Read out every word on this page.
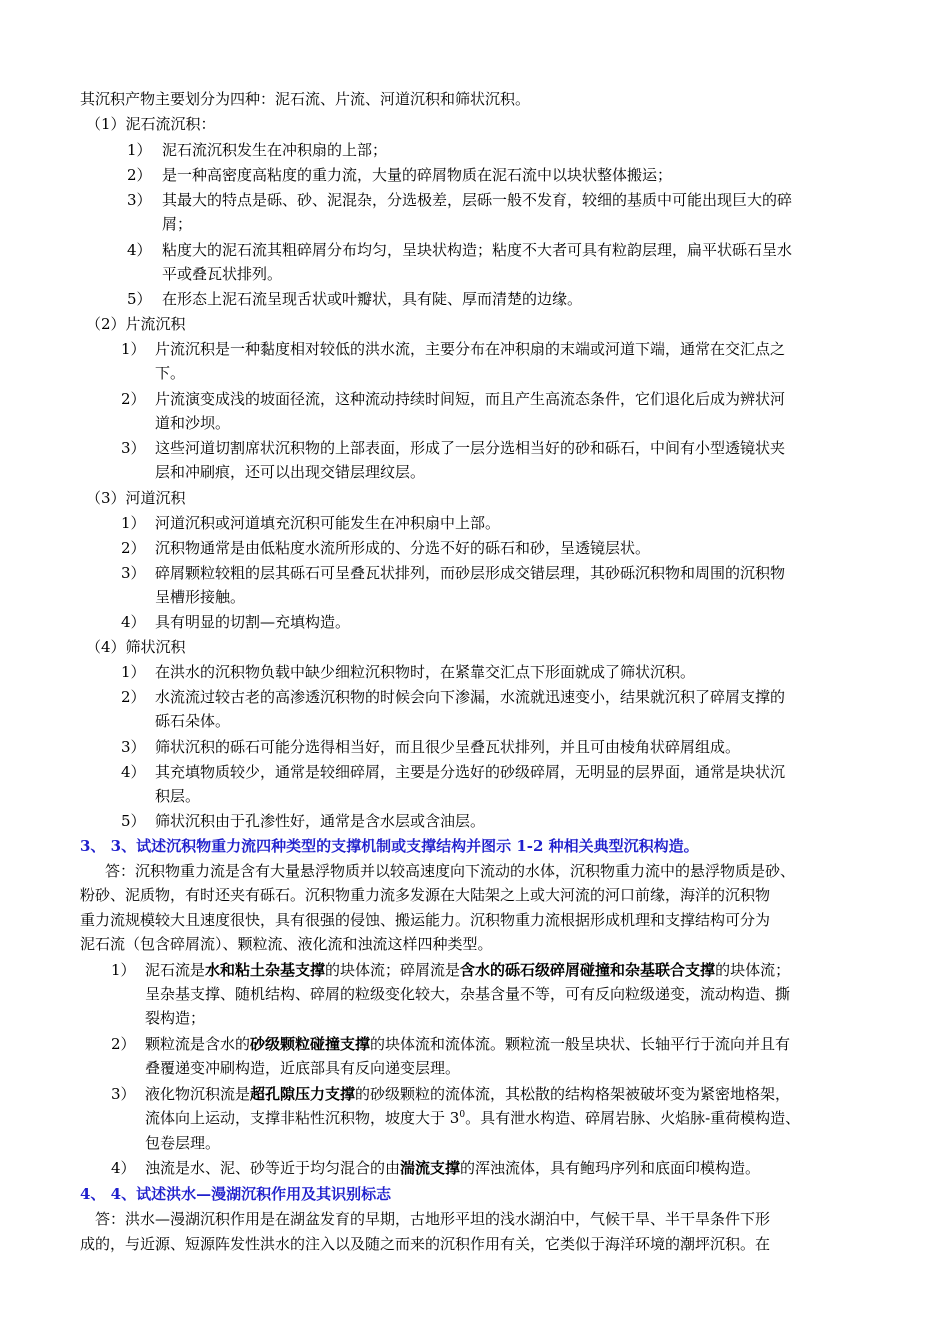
其沉积产物主要划分为四种：泥石流、片流、河道沉积和筛状沉积。
（1）泥石流沉积：
1） 泥石流沉积发生在冲积扇的上部；
2） 是一种高密度高粘度的重力流，大量的碎屑物质在泥石流中以块状整体搬运；
3） 其最大的特点是砾、砂、泥混杂，分选极差，层砾一般不发育，较细的基质中可能出现巨大的碎
屑；
4） 粘度大的泥石流其粗碎屑分布均匀，呈块状构造；粘度不大者可具有粒韵层理，扁平状砾石呈水
平或叠瓦状排列。
5） 在形态上泥石流呈现舌状或叶瓣状，具有陡、厚而清楚的边缘。
（2）片流沉积
1） 片流沉积是一种黏度相对较低的洪水流，主要分布在冲积扇的末端或河道下端，通常在交汇点之
下。
2） 片流演变成浅的坡面径流，这种流动持续时间短，而且产生高流态条件，它们退化后成为辨状河
道和沙坝。
3） 这些河道切割席状沉积物的上部表面，形成了一层分选相当好的砂和砾石，中间有小型透镜状夹
层和冲刷痕，还可以出现交错层理纹层。
（3）河道沉积
1） 河道沉积或河道填充沉积可能发生在冲积扇中上部。
2） 沉积物通常是由低粘度水流所形成的、分选不好的砾石和砂，呈透镜层状。
3） 碎屑颗粒较粗的层其砾石可呈叠瓦状排列，而砂层形成交错层理，其砂砾沉积物和周围的沉积物
呈槽形接触。
4） 具有明显的切割—充填构造。
（4）筛状沉积
1） 在洪水的沉积物负载中缺少细粒沉积物时，在紧靠交汇点下形面就成了筛状沉积。
2） 水流流过较古老的高渗透沉积物的时候会向下渗漏，水流就迅速变小，结果就沉积了碎屑支撑的
砾石朵体。
3） 筛状沉积的砾石可能分选得相当好，而且很少呈叠瓦状排列，并且可由棱角状碎屑组成。
4） 其充填物质较少，通常是较细碎屑，主要是分选好的砂级碎屑，无明显的层界面，通常是块状沉
积层。
5） 筛状沉积由于孔渗性好，通常是含水层或含油层。
3、 3、试述沉积物重力流四种类型的支撑机制或支撑结构并图示 1-2 种相关典型沉积构造。
答：沉积物重力流是含有大量悬浮物质并以较高速度向下流动的水体，沉积物重力流中的悬浮物质是砂、
粉砂、泥质物，有时还夹有砾石。沉积物重力流多发源在大陆架之上或大河流的河口前缘，海洋的沉积物
重力流规模较大且速度很快，具有很强的侵蚀、搬运能力。沉积物重力流根据形成机理和支撑结构可分为
泥石流（包含碎屑流）、颗粒流、液化流和浊流这样四种类型。
1） 泥石流是水和粘土杂基支撑的块体流；碎屑流是含水的砾石级碎屑碰撞和杂基联合支撑的块体流；
呈杂基支撑、随机结构、碎屑的粒级变化较大，杂基含量不等，可有反向粒级递变，流动构造、撕
裂构造；
2） 颗粒流是含水的砂级颗粒碰撞支撑的块体流和流体流。颗粒流一般呈块状、长轴平行于流向并且有
叠覆递变冲刷构造，近底部具有反向递变层理。
3） 液化物沉积流是超孔隙压力支撑的砂级颗粒的流体流，其松散的结构格架被破坏变为紧密地格架，
流体向上运动，支撑非粘性沉积物，坡度大于 $3^0$。具有泄水构造、碎屑岩脉、火焰脉-重荷模构造、
包卷层理。
4） 浊流是水、泥、砂等近于均匀混合的由湍流支撑的浑浊流体，具有鲍玛序列和底面印模构造。
4、 4、试述洪水—漫湖沉积作用及其识别标志
答：洪水—漫湖沉积作用是在湖盆发育的早期，古地形平坦的浅水湖泊中，气候干旱、半干旱条件下形
成的，与近源、短源阵发性洪水的注入以及随之而来的沉积作用有关，它类似于海洋环境的潮坪沉积。在
